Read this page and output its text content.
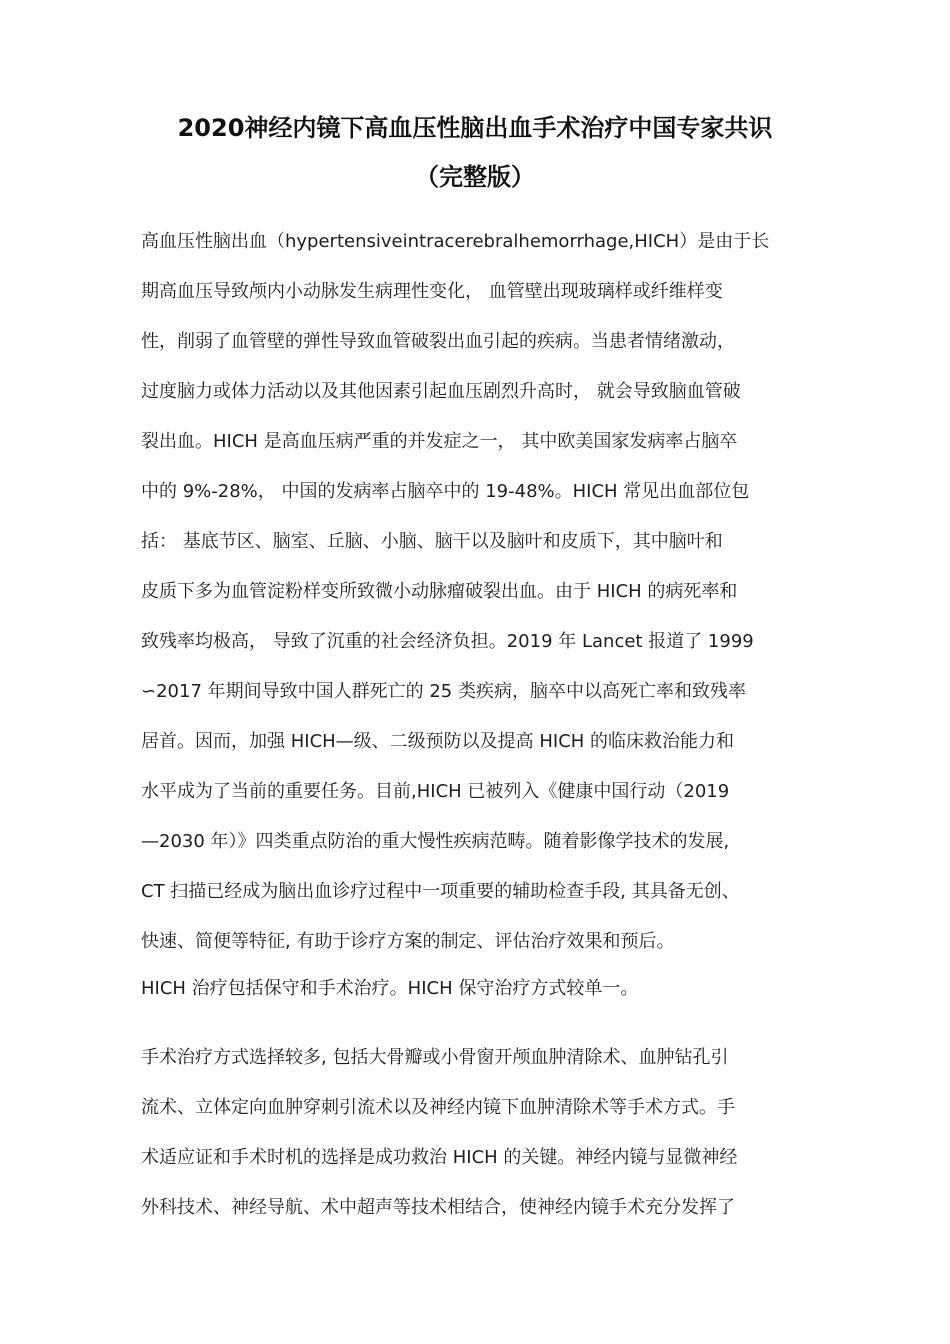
2020神经内镜下高血压性脑出血手术治疗中国专家共识
（完整版）
高血压性脑出血（hypertensiveintracerebralhemorrhage,HICH）是由于长
期高血压导致颅内小动脉发生病理性变化， 血管壁出现玻璃样或纤维样变
性，削弱了血管壁的弹性导致血管破裂出血引起的疾病。当患者情绪激动，
过度脑力或体力活动以及其他因素引起血压剧烈升高时， 就会导致脑血管破
裂出血。HICH 是高血压病严重的并发症之一， 其中欧美国家发病率占脑卒
中的 9%-28%， 中国的发病率占脑卒中的 19-48%。HICH 常见出血部位包
括： 基底节区、脑室、丘脑、小脑、脑干以及脑叶和皮质下，其中脑叶和
皮质下多为血管淀粉样变所致微小动脉瘤破裂出血。由于 HICH 的病死率和
致残率均极高， 导致了沉重的社会经济负担。2019 年 Lancet 报道了 1999
∽2017 年期间导致中国人群死亡的 25 类疾病，脑卒中以高死亡率和致残率
居首。因而，加强 HICH—级、二级预防以及提高 HICH 的临床救治能力和
水平成为了当前的重要任务。目前,HICH 已被列入《健康中国行动（2019
—2030 年）》四类重点防治的重大慢性疾病范畴。随着影像学技术的发展,
CT 扫描已经成为脑出血诊疗过程中一项重要的辅助检查手段, 其具备无创、
快速、简便等特征, 有助于诊疗方案的制定、评估治疗效果和预后。
HICH 治疗包括保守和手术治疗。HICH 保守治疗方式较单一。
手术治疗方式选择较多, 包括大骨瓣或小骨窗开颅血肿清除术、血肿钻孔引
流术、立体定向血肿穿刺引流术以及神经内镜下血肿清除术等手术方式。手
术适应证和手术时机的选择是成功救治 HICH 的关键。神经内镜与显微神经
外科技术、神经导航、术中超声等技术相结合，使神经内镜手术充分发挥了
